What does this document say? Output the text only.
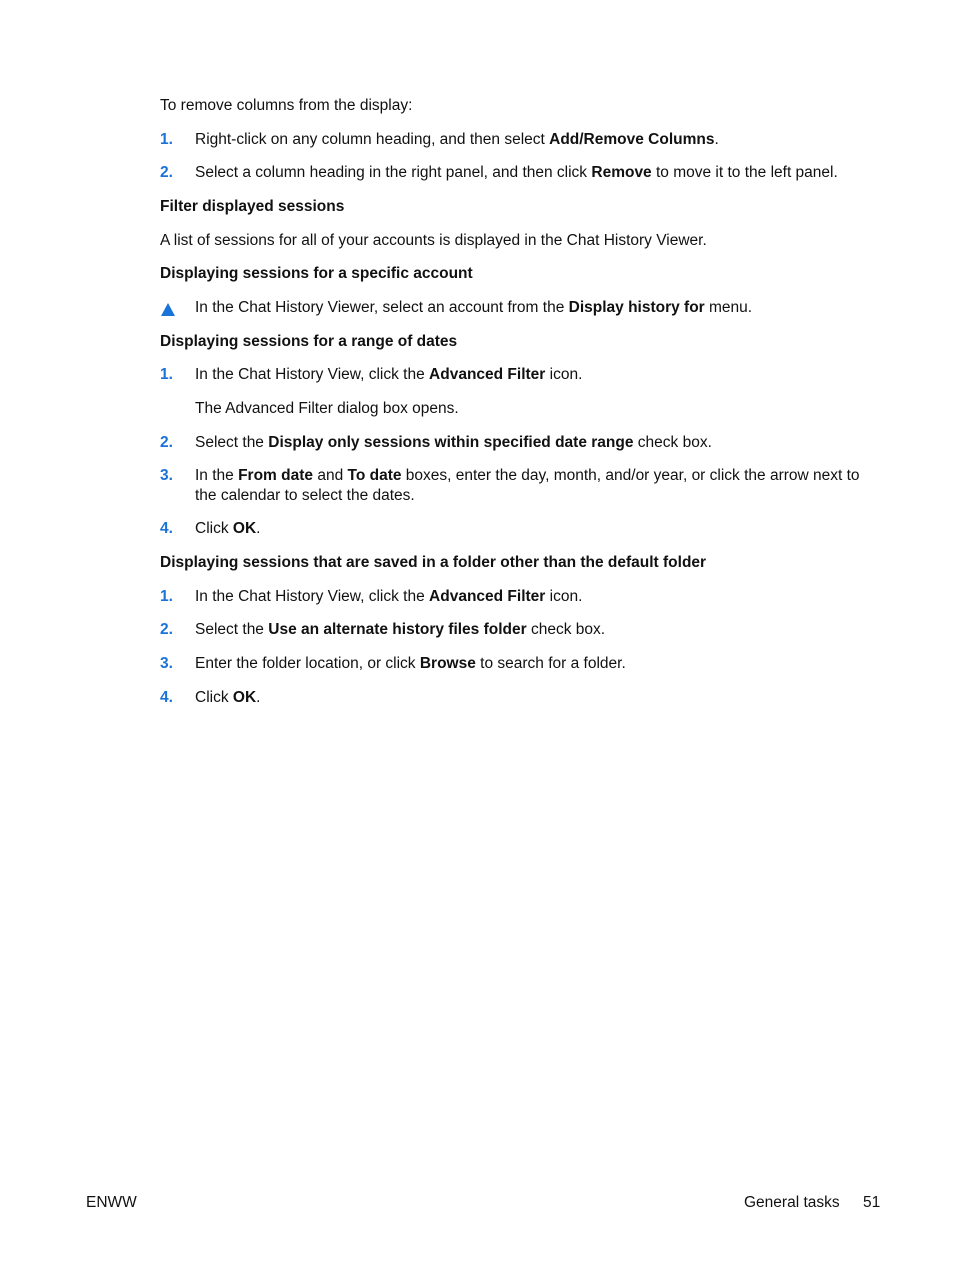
To remove columns from the display:
1. Right-click on any column heading, and then select Add/Remove Columns.
2. Select a column heading in the right panel, and then click Remove to move it to the left panel.
Filter displayed sessions
A list of sessions for all of your accounts is displayed in the Chat History Viewer.
Displaying sessions for a specific account
In the Chat History Viewer, select an account from the Display history for menu.
Displaying sessions for a range of dates
1. In the Chat History View, click the Advanced Filter icon.
The Advanced Filter dialog box opens.
2. Select the Display only sessions within specified date range check box.
3. In the From date and To date boxes, enter the day, month, and/or year, or click the arrow next to the calendar to select the dates.
4. Click OK.
Displaying sessions that are saved in a folder other than the default folder
1. In the Chat History View, click the Advanced Filter icon.
2. Select the Use an alternate history files folder check box.
3. Enter the folder location, or click Browse to search for a folder.
4. Click OK.
ENWW	General tasks 51
